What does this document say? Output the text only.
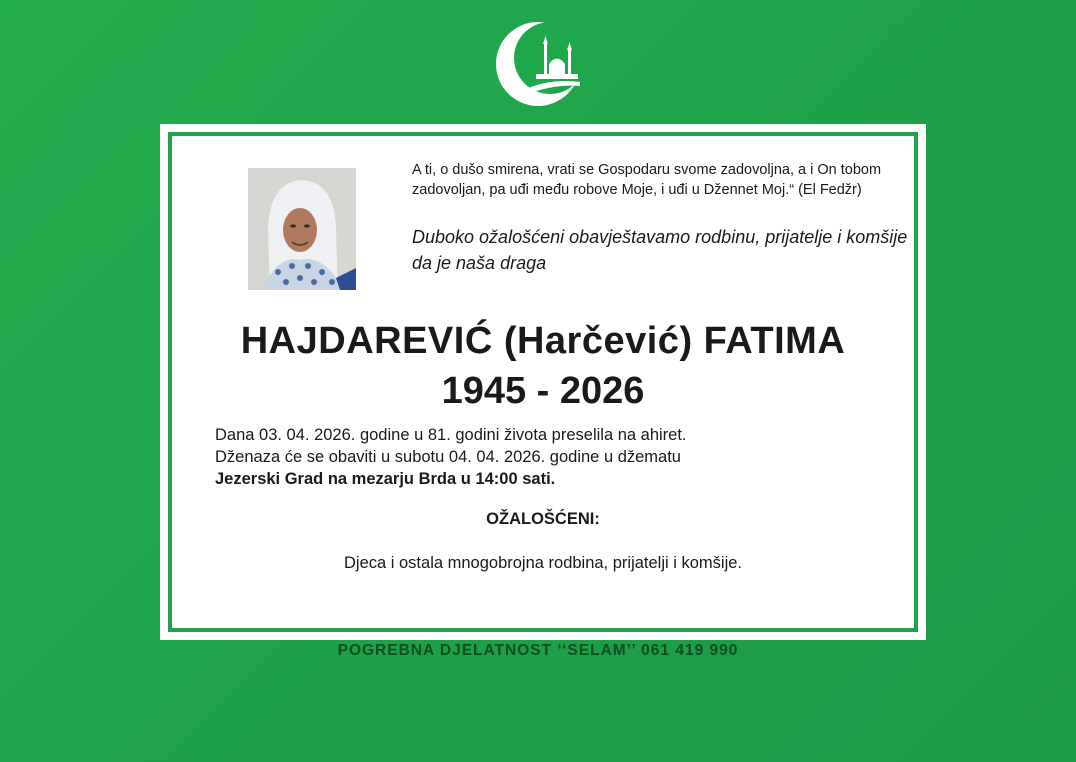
A ti, o dušo smirena, vrati se Gospodaru svome zadovoljna, a i On tobom zadovoljan, pa uđi među robove Moje, i uđi u Džennet Moj.“ (El Fedžr)
Duboko ožalošćeni obavještavamo rodbinu, prijatelje i komšije da je naša draga
HAJDAREVIĆ (Harčević) FATIMA
1945 - 2026
Dana 03. 04. 2026. godine u 81. godini života preselila na ahiret.
Dženaza će se obaviti u subotu 04. 04. 2026. godine u džematu
Jezerski Grad na mezarju Brda u 14:00 sati.
OŽALOŠĆENI:
Djeca i ostala mnogobrojna rodbina, prijatelji i komšije.
POGREBNA DJELATNOST ‘‘SELAM’’ 061 419 990
